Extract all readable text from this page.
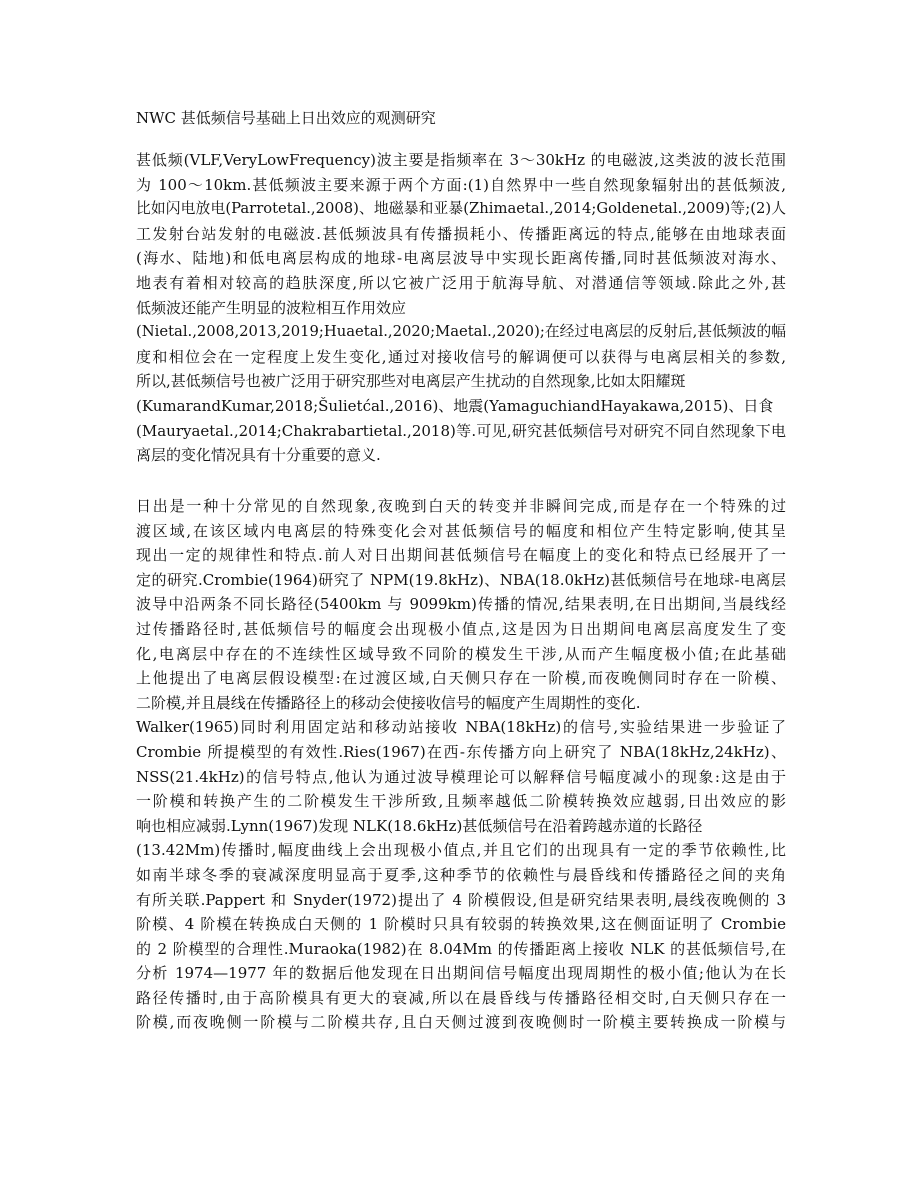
NWC 甚低频信号基础上日出效应的观测研究
甚低频(VLF,VeryLowFrequency)波主要是指频率在 3～30kHz 的电磁波,这类波的波长范围
为 100～10km.甚低频波主要来源于两个方面:(1)自然界中一些自然现象辐射出的甚低频波,
比如闪电放电(Parrotetal.,2008)、地磁暴和亚暴(Zhimaetal.,2014;Goldenetal.,2009)等;(2)人
工发射台站发射的电磁波.甚低频波具有传播损耗小、传播距离远的特点,能够在由地球表面
(海水、陆地)和低电离层构成的地球-电离层波导中实现长距离传播,同时甚低频波对海水、
地表有着相对较高的趋肤深度,所以它被广泛用于航海导航、对潜通信等领域.除此之外,甚
低频波还能产生明显的波粒相互作用效应
(Nietal.,2008,2013,2019;Huaetal.,2020;Maetal.,2020);在经过电离层的反射后,甚低频波的幅
度和相位会在一定程度上发生变化,通过对接收信号的解调便可以获得与电离层相关的参数,
所以,甚低频信号也被广泛用于研究那些对电离层产生扰动的自然现象,比如太阳耀斑
(KumarandKumar,2018;Šulietćal.,2016)、地震(YamaguchiandHayakawa,2015)、日食
(Mauryaetal.,2014;Chakrabartietal.,2018)等.可见,研究甚低频信号对研究不同自然现象下电
离层的变化情况具有十分重要的意义.
日出是一种十分常见的自然现象,夜晚到白天的转变并非瞬间完成,而是存在一个特殊的过
渡区域,在该区域内电离层的特殊变化会对甚低频信号的幅度和相位产生特定影响,使其呈
现出一定的规律性和特点.前人对日出期间甚低频信号在幅度上的变化和特点已经展开了一
定的研究.Crombie(1964)研究了 NPM(19.8kHz)、NBA(18.0kHz)甚低频信号在地球-电离层
波导中沿两条不同长路径(5400km 与 9099km)传播的情况,结果表明,在日出期间,当晨线经
过传播路径时,甚低频信号的幅度会出现极小值点,这是因为日出期间电离层高度发生了变
化,电离层中存在的不连续性区域导致不同阶的模发生干涉,从而产生幅度极小值;在此基础
上他提出了电离层假设模型:在过渡区域,白天侧只存在一阶模,而夜晚侧同时存在一阶模、
二阶模,并且晨线在传播路径上的移动会使接收信号的幅度产生周期性的变化.
Walker(1965)同时利用固定站和移动站接收 NBA(18kHz)的信号,实验结果进一步验证了
Crombie 所提模型的有效性.Ries(1967)在西-东传播方向上研究了 NBA(18kHz,24kHz)、
NSS(21.4kHz)的信号特点,他认为通过波导模理论可以解释信号幅度减小的现象:这是由于
一阶模和转换产生的二阶模发生干涉所致,且频率越低二阶模转换效应越弱,日出效应的影
响也相应减弱.Lynn(1967)发现 NLK(18.6kHz)甚低频信号在沿着跨越赤道的长路径
(13.42Mm)传播时,幅度曲线上会出现极小值点,并且它们的出现具有一定的季节依赖性,比
如南半球冬季的衰减深度明显高于夏季,这种季节的依赖性与晨昏线和传播路径之间的夹角
有所关联.Pappert 和 Snyder(1972)提出了 4 阶模假设,但是研究结果表明,晨线夜晚侧的 3
阶模、4 阶模在转换成白天侧的 1 阶模时只具有较弱的转换效果,这在侧面证明了 Crombie
的 2 阶模型的合理性.Muraoka(1982)在 8.04Mm 的传播距离上接收 NLK 的甚低频信号,在
分析 1974—1977 年的数据后他发现在日出期间信号幅度出现周期性的极小值;他认为在长
路径传播时,由于高阶模具有更大的衰减,所以在晨昏线与传播路径相交时,白天侧只存在一
阶模,而夜晚侧一阶模与二阶模共存,且白天侧过渡到夜晚侧时一阶模主要转换成一阶模与
